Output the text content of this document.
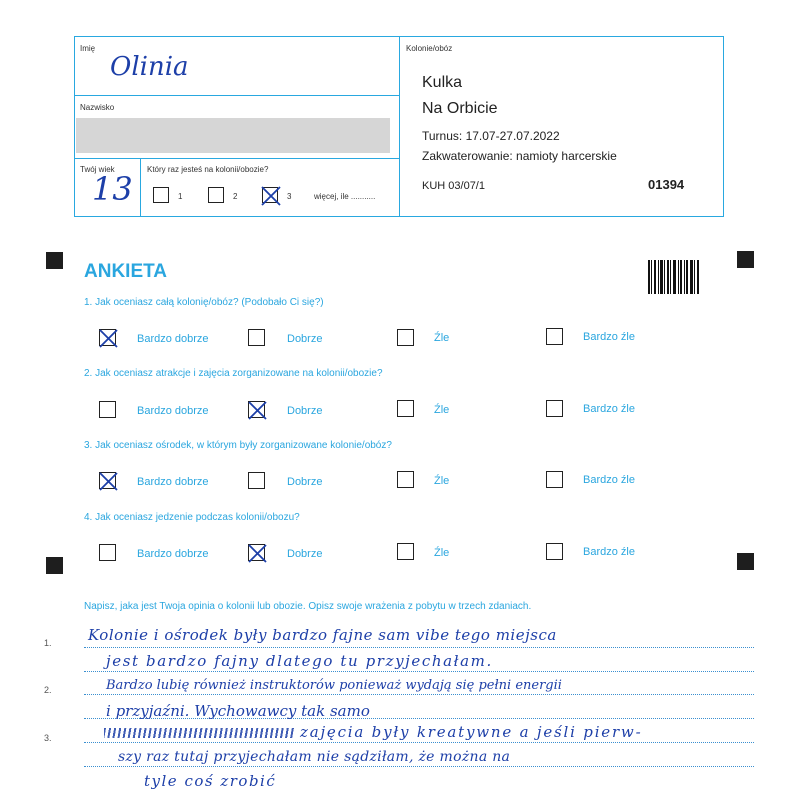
Imię
Olinia
Nazwisko
Twój wiek
13
Który raz jesteś na kolonii/obozie?
1	2	3	więcej, ile ...........
Kolonie/obóz
Kulka
Na Orbicie
Turnus: 17.07-27.07.2022
Zakwaterowanie: namioty harcerskie
KUH 03/07/1	01394
ANKIETA
1. Jak oceniasz całą kolonię/obóz? (Podobało Ci się?)
Bardzo dobrze	Dobrze	Źle	Bardzo źle
2. Jak oceniasz atrakcje i zajęcia zorganizowane na kolonii/obozie?
Bardzo dobrze	Dobrze	Źle	Bardzo źle
3. Jak oceniasz ośrodek, w którym były zorganizowane kolonie/obóz?
Bardzo dobrze	Dobrze	Źle	Bardzo źle
4. Jak oceniasz jedzenie podczas kolonii/obozu?
Bardzo dobrze	Dobrze	Źle	Bardzo źle
Napisz, jaka jest Twoja opinia o kolonii lub obozie. Opisz swoje wrażenia z pobytu w trzech zdaniach.
1.
2.
3.
Kolonie i ośrodek były bardzo fajne sam vibe tego miejsca
jest bardzo fajny dlatego tu przyjechałam.
Bardzo lubię również instruktorów ponieważ wydają się pełni energii
i przyjaźni. Wychowawcy tak samo
zajęcia były kreatywne a jeśli pierw-
szy raz tutaj przyjechałam nie sądziłam, że można na
tyle coś zrobić
